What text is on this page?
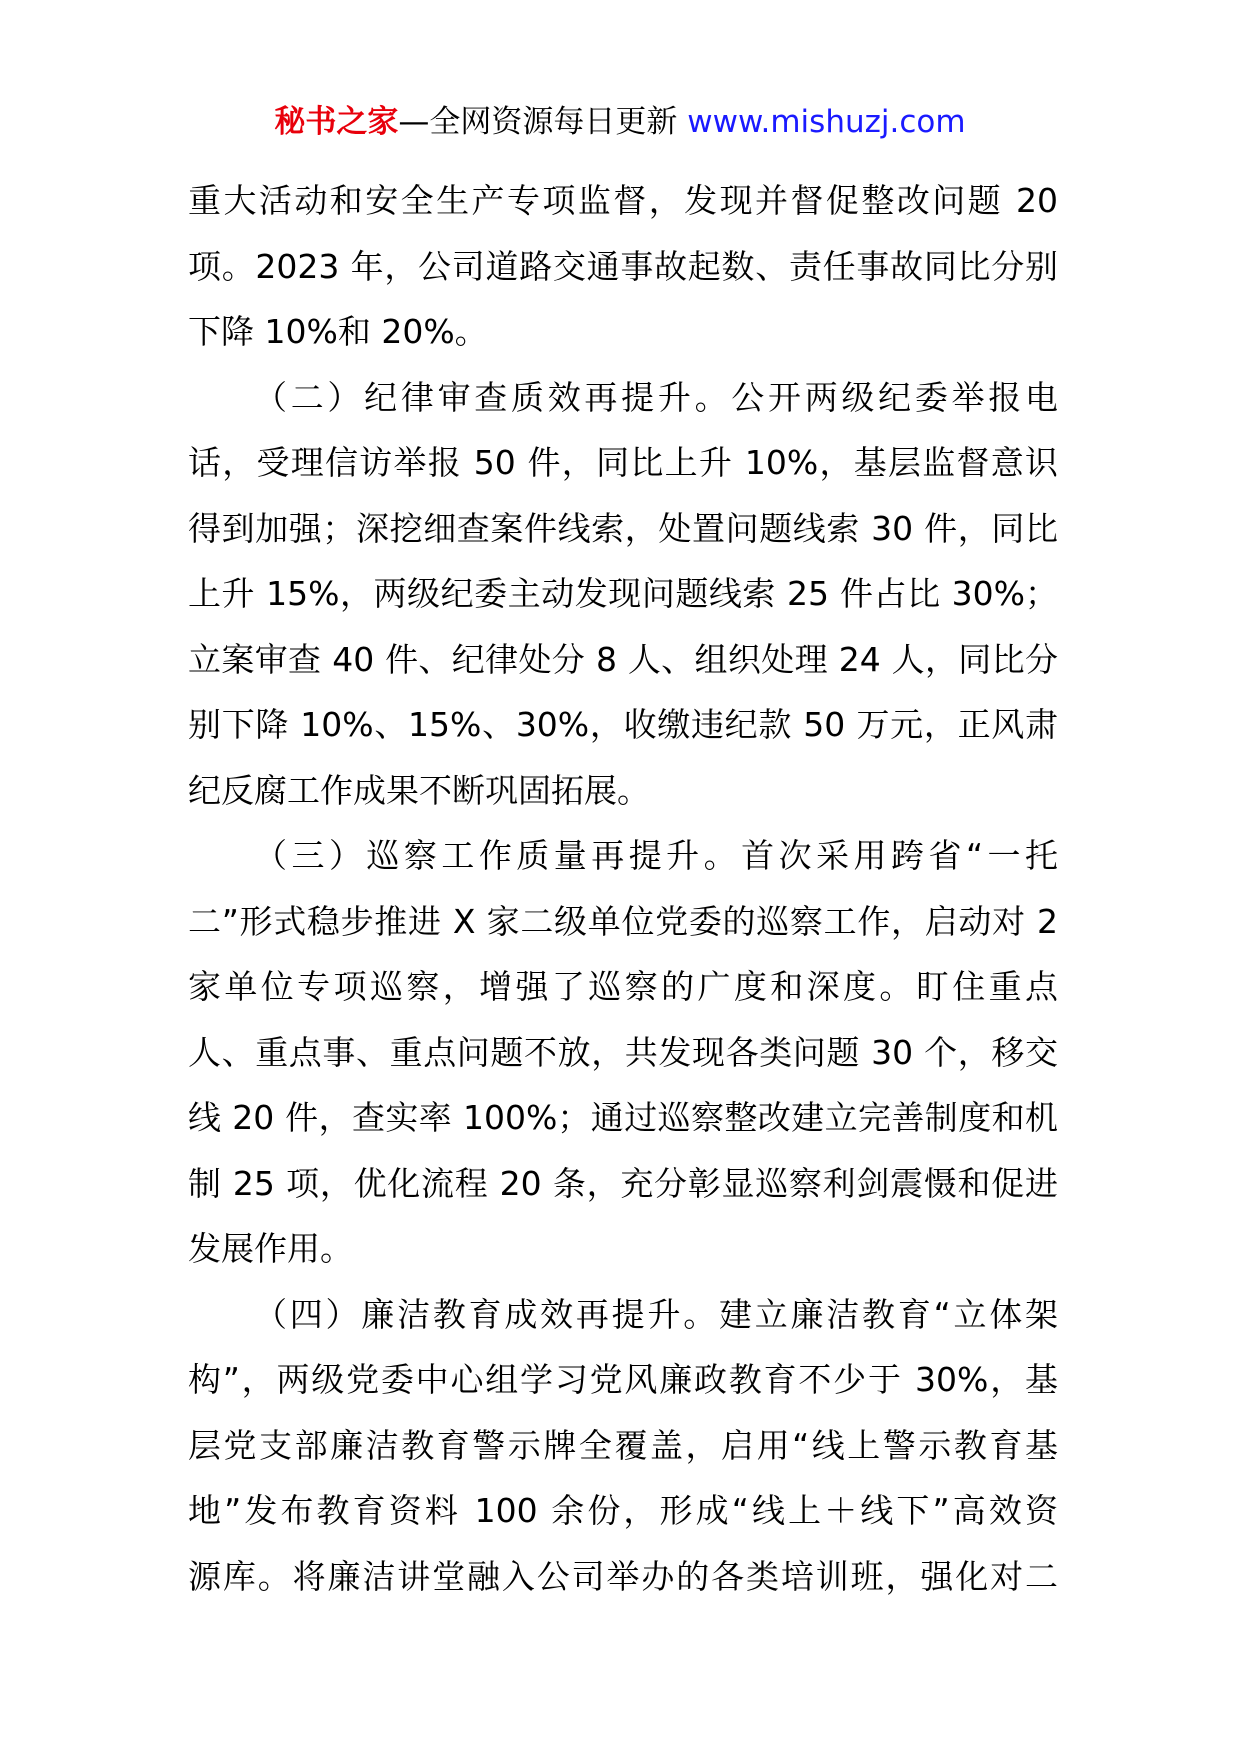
秘书之家—全网资源每日更新 www.mishuzj.com
重大活动和安全生产专项监督，发现并督促整改问题 20
项。2023 年，公司道路交通事故起数、责任事故同比分别
下降 10%和 20%。
（二）纪律审查质效再提升。公开两级纪委举报电
话，受理信访举报 50 件，同比上升 10%，基层监督意识
得到加强；深挖细查案件线索，处置问题线索 30 件，同比
上升 15%，两级纪委主动发现问题线索 25 件占比 30%；
立案审查 40 件、纪律处分 8 人、组织处理 24 人，同比分
别下降 10%、15%、30%，收缴违纪款 50 万元，正风肃
纪反腐工作成果不断巩固拓展。
（三）巡察工作质量再提升。首次采用跨省“一托
二”形式稳步推进 X 家二级单位党委的巡察工作，启动对 2
家单位专项巡察，增强了巡察的广度和深度。盯住重点
人、重点事、重点问题不放，共发现各类问题 30 个，移交
线 20 件，查实率 100%；通过巡察整改建立完善制度和机
制 25 项，优化流程 20 条，充分彰显巡察利剑震慑和促进
发展作用。
（四）廉洁教育成效再提升。建立廉洁教育“立体架
构”，两级党委中心组学习党风廉政教育不少于 30%，基
层党支部廉洁教育警示牌全覆盖，启用“线上警示教育基
地”发布教育资料 100 余份，形成“线上＋线下”高效资
源库。将廉洁讲堂融入公司举办的各类培训班，强化对二
